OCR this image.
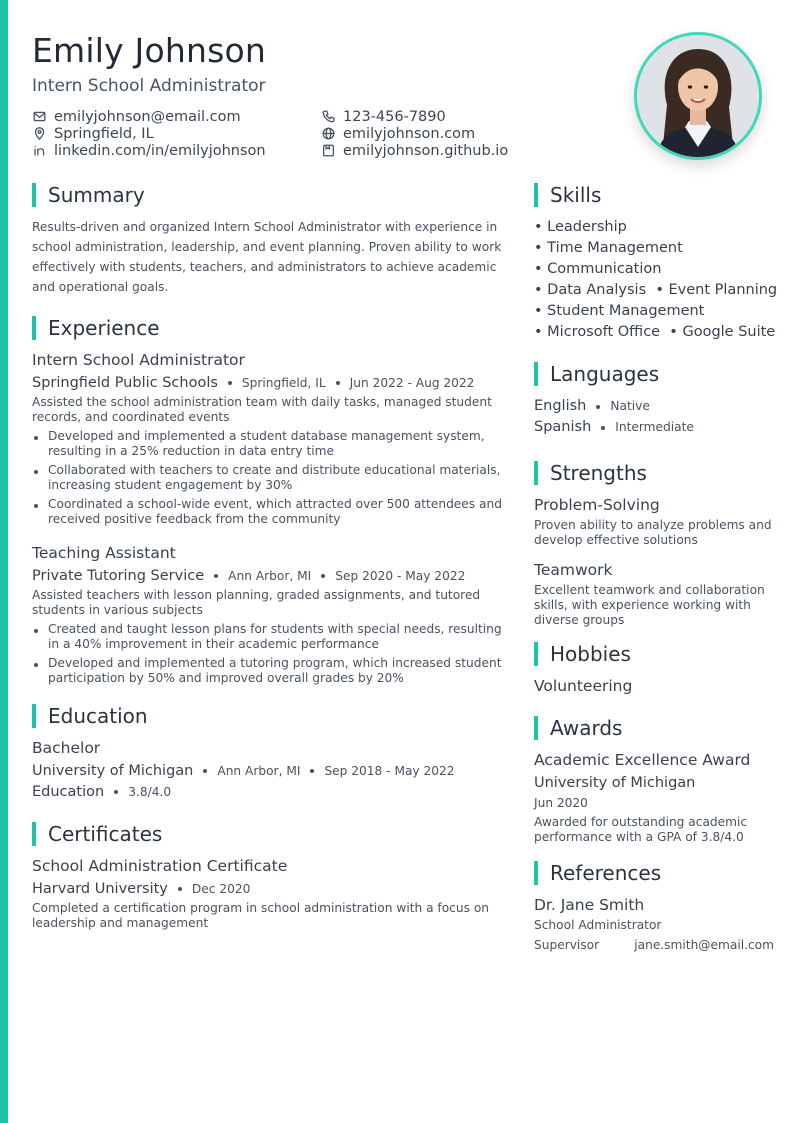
Emily Johnson
Intern School Administrator
emilyjohnson@email.com	123-456-7890
Springfield, IL	emilyjohnson.com
linkedin.com/in/emilyjohnson	emilyjohnson.github.io
Summary
Results-driven and organized Intern School Administrator with experience in school administration, leadership, and event planning. Proven ability to work effectively with students, teachers, and administrators to achieve academic and operational goals.
Experience
Intern School Administrator
Springfield Public Schools Springfield, IL Jun 2022 - Aug 2022
Assisted the school administration team with daily tasks, managed student records, and coordinated events
Developed and implemented a student database management system, resulting in a 25% reduction in data entry time
Collaborated with teachers to create and distribute educational materials, increasing student engagement by 30%
Coordinated a school-wide event, which attracted over 500 attendees and received positive feedback from the community
Teaching Assistant
Private Tutoring Service Ann Arbor, MI Sep 2020 - May 2022
Assisted teachers with lesson planning, graded assignments, and tutored students in various subjects
Created and taught lesson plans for students with special needs, resulting in a 40% improvement in their academic performance
Developed and implemented a tutoring program, which increased student participation by 50% and improved overall grades by 20%
Education
Bachelor
University of Michigan Ann Arbor, MI Sep 2018 - May 2022
Education 3.8/4.0
Certificates
School Administration Certificate
Harvard University Dec 2020
Completed a certification program in school administration with a focus on leadership and management
Skills
• Leadership
• Time Management
• Communication
• Data Analysis  • Event Planning
• Student Management
• Microsoft Office  • Google Suite
Languages
English Native
Spanish Intermediate
Strengths
Problem-Solving
Proven ability to analyze problems and develop effective solutions
Teamwork
Excellent teamwork and collaboration skills, with experience working with diverse groups
Hobbies
Volunteering
Awards
Academic Excellence Award
University of Michigan
Jun 2020
Awarded for outstanding academic performance with a GPA of 3.8/4.0
References
Dr. Jane Smith
School Administrator
Supervisor	jane.smith@email.com
